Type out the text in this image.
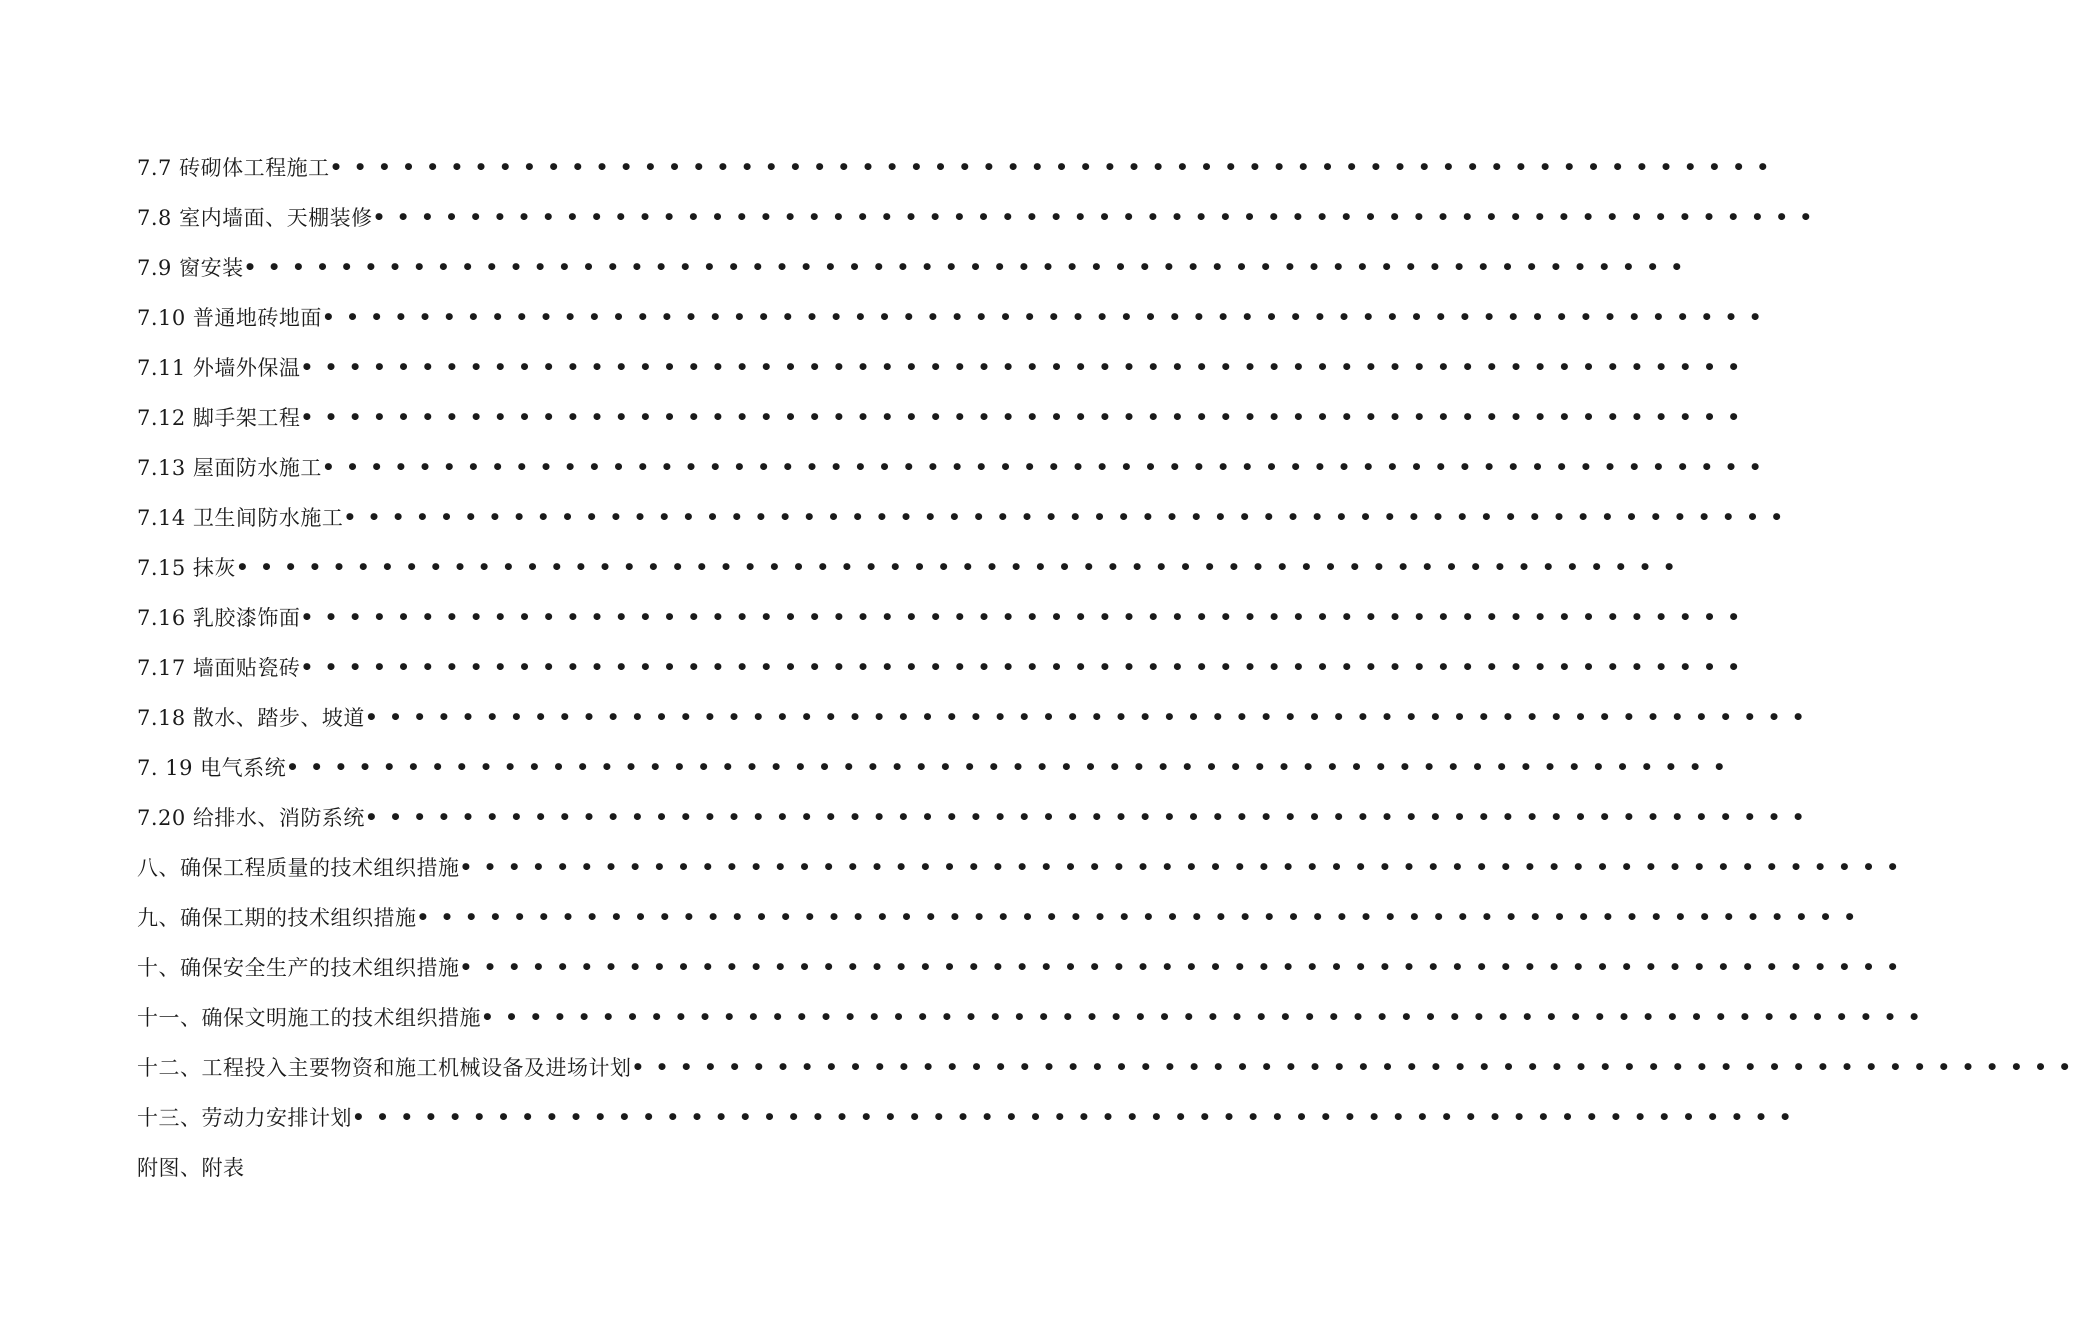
7.7 砖砌体工程施工 ••••••••••••••••••••••••••••••••••••••••••••••••••••••••••••
7.8 室内墙面、天棚装修 ••••••••••••••••••••••••••••••••••••••••••••••••••••••••••••
7.9 窗安装 ••••••••••••••••••••••••••••••••••••••••••••••••••••••••••••
7.10 普通地砖地面 ••••••••••••••••••••••••••••••••••••••••••••••••••••••••••••
7.11 外墙外保温 ••••••••••••••••••••••••••••••••••••••••••••••••••••••••••••
7.12 脚手架工程 ••••••••••••••••••••••••••••••••••••••••••••••••••••••••••••
7.13 屋面防水施工 ••••••••••••••••••••••••••••••••••••••••••••••••••••••••••••
7.14 卫生间防水施工 ••••••••••••••••••••••••••••••••••••••••••••••••••••••••••••
7.15 抹灰 ••••••••••••••••••••••••••••••••••••••••••••••••••••••••••••
7.16 乳胶漆饰面 ••••••••••••••••••••••••••••••••••••••••••••••••••••••••••••
7.17 墙面贴瓷砖 ••••••••••••••••••••••••••••••••••••••••••••••••••••••••••••
7.18 散水、踏步、坡道 ••••••••••••••••••••••••••••••••••••••••••••••••••••••••••••
7. 19 电气系统 ••••••••••••••••••••••••••••••••••••••••••••••••••••••••••••
7.20 给排水、消防系统 ••••••••••••••••••••••••••••••••••••••••••••••••••••••••••••
八、确保工程质量的技术组织措施 ••••••••••••••••••••••••••••••••••••••••••••••••••••••••••••
九、确保工期的技术组织措施 ••••••••••••••••••••••••••••••••••••••••••••••••••••••••••••
十、确保安全生产的技术组织措施 ••••••••••••••••••••••••••••••••••••••••••••••••••••••••••••
十一、确保文明施工的技术组织措施 ••••••••••••••••••••••••••••••••••••••••••••••••••••••••••••
十二、工程投入主要物资和施工机械设备及进场计划 ••••••••••••••••••••••••••••••••••••••••••••••••••••••••••••
十三、劳动力安排计划 ••••••••••••••••••••••••••••••••••••••••••••••••••••••••••••
附图、附表
